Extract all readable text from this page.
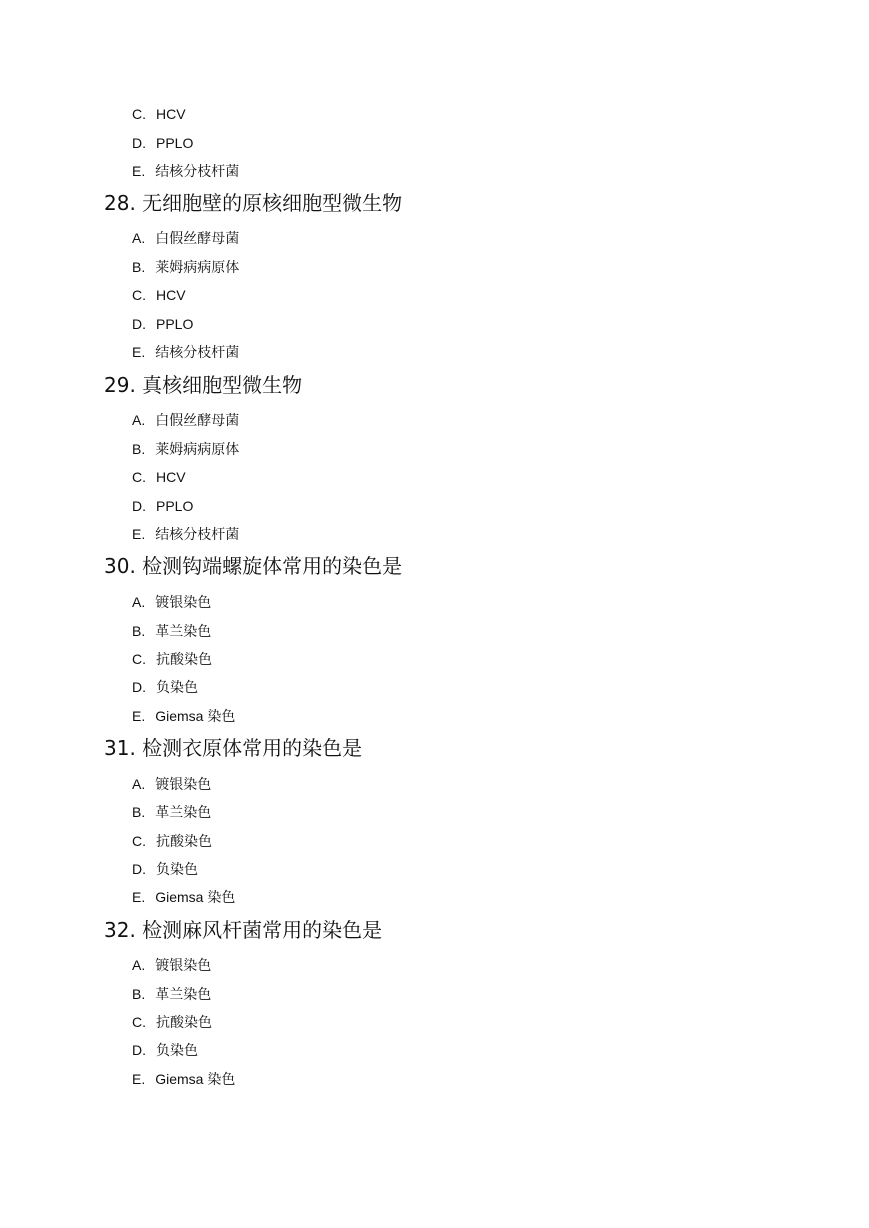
C. HCV
D. PPLO
E. 结核分枝杆菌
28. 无细胞壁的原核细胞型微生物
A. 白假丝酵母菌
B. 莱姆病病原体
C. HCV
D. PPLO
E. 结核分枝杆菌
29. 真核细胞型微生物
A. 白假丝酵母菌
B. 莱姆病病原体
C. HCV
D. PPLO
E. 结核分枝杆菌
30. 检测钩端螺旋体常用的染色是
A. 镀银染色
B. 革兰染色
C. 抗酸染色
D. 负染色
E. Giemsa 染色
31. 检测衣原体常用的染色是
A. 镀银染色
B. 革兰染色
C. 抗酸染色
D. 负染色
E. Giemsa 染色
32. 检测麻风杆菌常用的染色是
A. 镀银染色
B. 革兰染色
C. 抗酸染色
D. 负染色
E. Giemsa 染色
